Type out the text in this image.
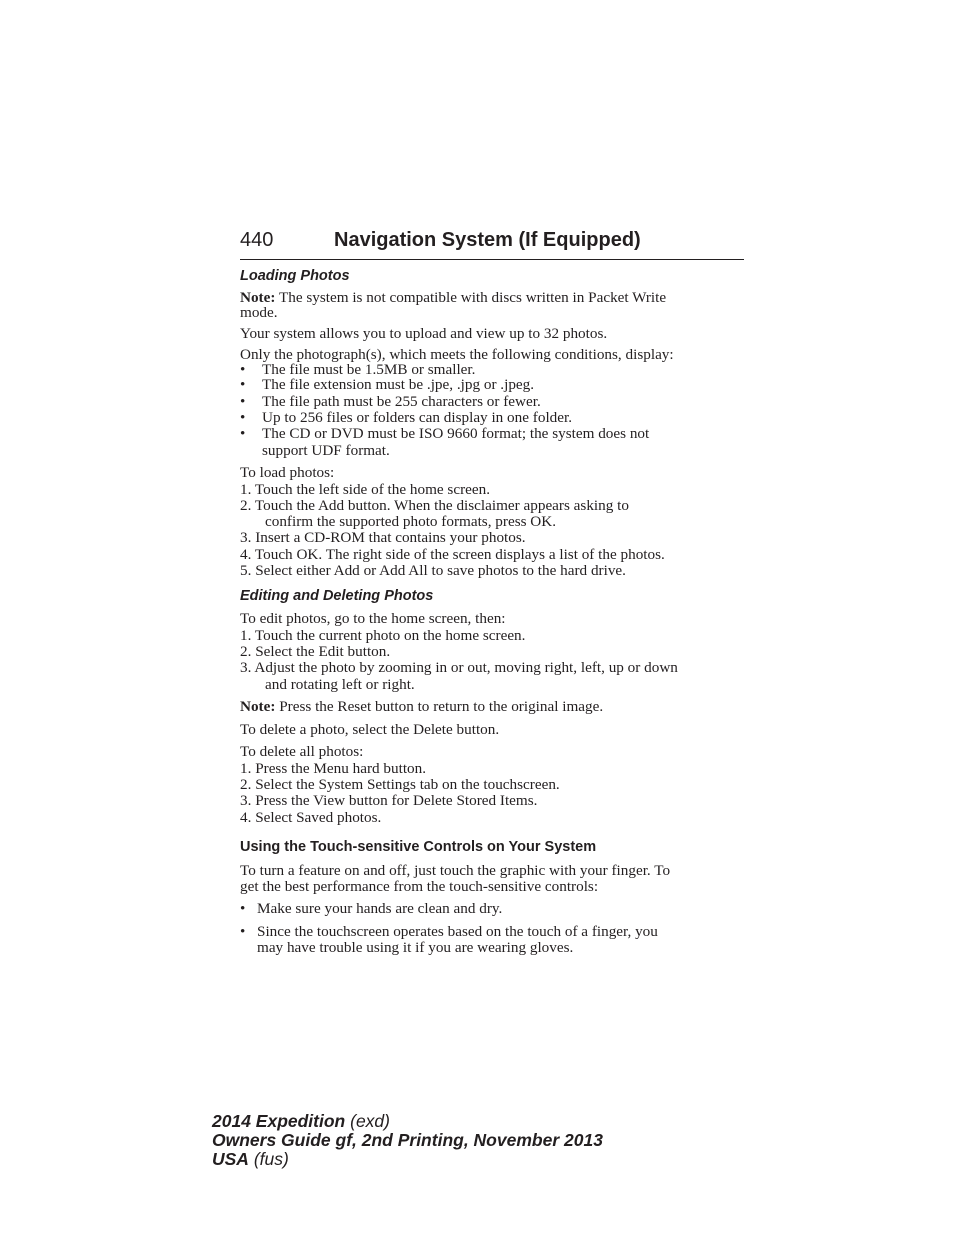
440	Navigation System (If Equipped)
Loading Photos
Note: The system is not compatible with discs written in Packet Write
mode.
Your system allows you to upload and view up to 32 photos.
Only the photograph(s), which meets the following conditions, display:
• The file must be 1.5MB or smaller.
• The file extension must be .jpe, .jpg or .jpeg.
• The file path must be 255 characters or fewer.
• Up to 256 files or folders can display in one folder.
• The CD or DVD must be ISO 9660 format; the system does not
support UDF format.
To load photos:
1. Touch the left side of the home screen.
2. Touch the Add button. When the disclaimer appears asking to
confirm the supported photo formats, press OK.
3. Insert a CD-ROM that contains your photos.
4. Touch OK. The right side of the screen displays a list of the photos.
5. Select either Add or Add All to save photos to the hard drive.
Editing and Deleting Photos
To edit photos, go to the home screen, then:
1. Touch the current photo on the home screen.
2. Select the Edit button.
3. Adjust the photo by zooming in or out, moving right, left, up or down
and rotating left or right.
Note: Press the Reset button to return to the original image.
To delete a photo, select the Delete button.
To delete all photos:
1. Press the Menu hard button.
2. Select the System Settings tab on the touchscreen.
3. Press the View button for Delete Stored Items.
4. Select Saved photos.
Using the Touch-sensitive Controls on Your System
To turn a feature on and off, just touch the graphic with your finger. To
get the best performance from the touch-sensitive controls:
• Make sure your hands are clean and dry.
• Since the touchscreen operates based on the touch of a finger, you
may have trouble using it if you are wearing gloves.
2014 Expedition (exd)
Owners Guide gf, 2nd Printing, November 2013
USA (fus)
